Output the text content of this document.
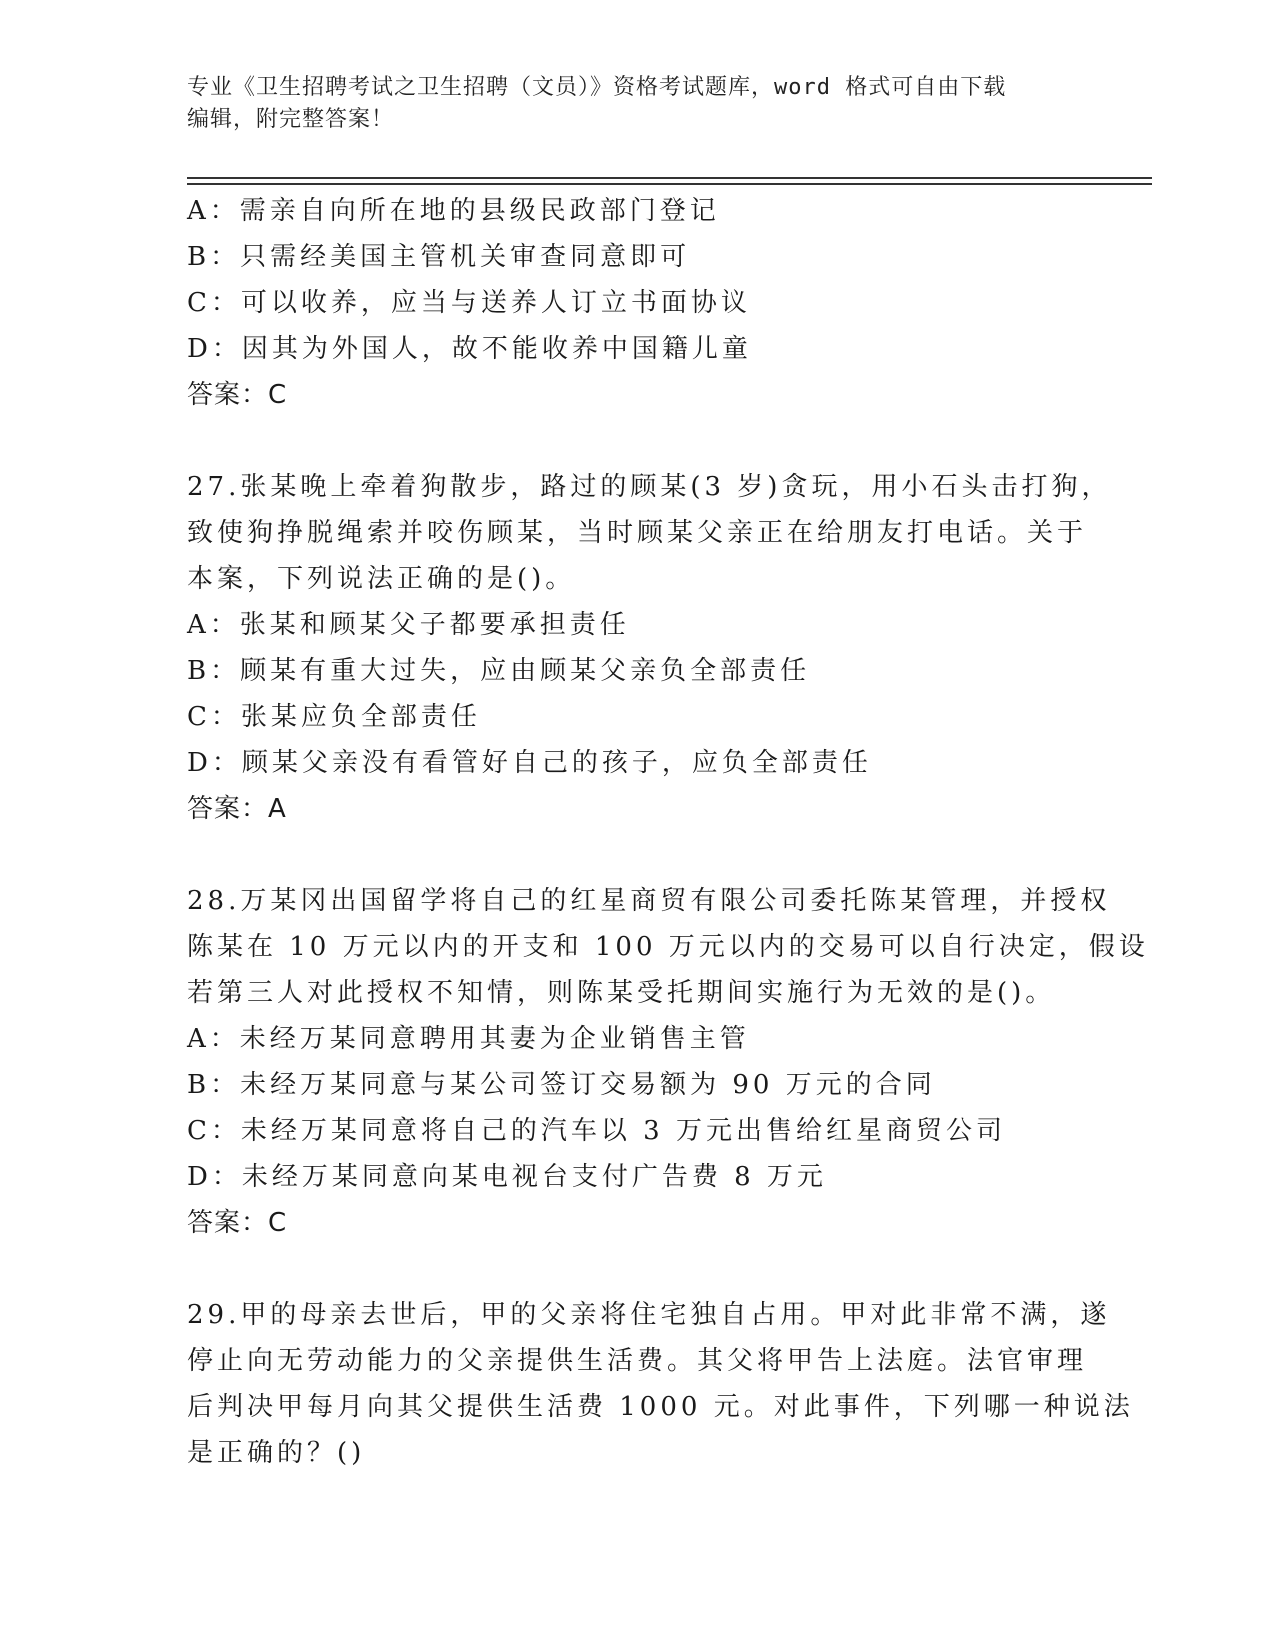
专业《卫生招聘考试之卫生招聘（文员）》资格考试题库，word 格式可自由下载
编辑，附完整答案！
A：需亲自向所在地的县级民政部门登记
B：只需经美国主管机关审查同意即可
C：可以收养，应当与送养人订立书面协议
D：因其为外国人，故不能收养中国籍儿童
答案：C
27.张某晚上牵着狗散步，路过的顾某(3 岁)贪玩，用小石头击打狗，
致使狗挣脱绳索并咬伤顾某，当时顾某父亲正在给朋友打电话。关于
本案，下列说法正确的是()。
A：张某和顾某父子都要承担责任
B：顾某有重大过失，应由顾某父亲负全部责任
C：张某应负全部责任
D：顾某父亲没有看管好自己的孩子，应负全部责任
答案：A
28.万某冈出国留学将自己的红星商贸有限公司委托陈某管理，并授权
陈某在 10 万元以内的开支和 100 万元以内的交易可以自行决定，假设
若第三人对此授权不知情，则陈某受托期间实施行为无效的是()。
A：未经万某同意聘用其妻为企业销售主管
B：未经万某同意与某公司签订交易额为 90 万元的合同
C：未经万某同意将自己的汽车以 3 万元出售给红星商贸公司
D：未经万某同意向某电视台支付广告费 8 万元
答案：C
29.甲的母亲去世后，甲的父亲将住宅独自占用。甲对此非常不满，遂
停止向无劳动能力的父亲提供生活费。其父将甲告上法庭。法官审理
后判决甲每月向其父提供生活费 1000 元。对此事件，下列哪一种说法
是正确的？()
